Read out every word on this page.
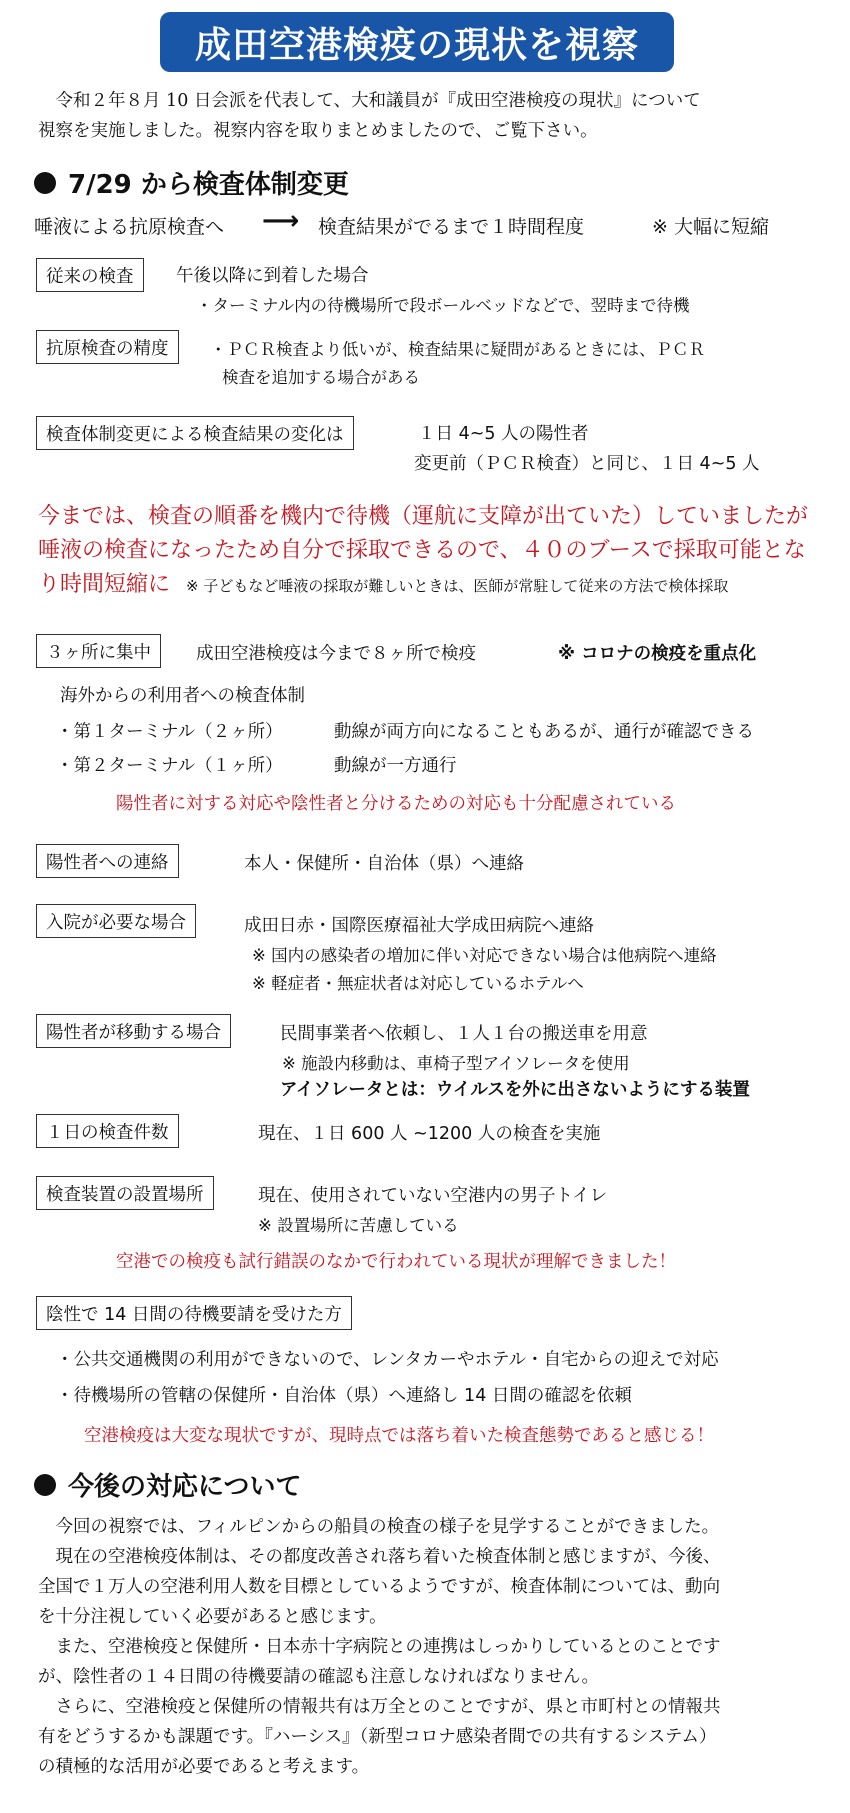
成田空港検疫の現状を視察
令和２年８月 10 日会派を代表して、大和議員が『成田空港検疫の現状』について
視察を実施しました。視察内容を取りまとめましたので、ご覧下さい。
7/29 から検査体制変更
唾液による抗原検査へ ⟶ 検査結果がでるまで１時間程度	※ 大幅に短縮
従来の検査	午後以降に到着した場合
・ターミナル内の待機場所で段ボールベッドなどで、翌時まで待機
抗原検査の精度	・ＰＣＲ検査より低いが、検査結果に疑問があるときには、ＰＣＲ
検査を追加する場合がある
検査体制変更による検査結果の変化は	１日 4~5 人の陽性者
変更前（ＰＣＲ検査）と同じ、１日 4~5 人
今までは、検査の順番を機内で待機（運航に支障が出ていた）していましたが
唾液の検査になったため自分で採取できるので、４０のブースで採取可能とな
り時間短縮に ※ 子どもなど唾液の採取が難しいときは、医師が常駐して従来の方法で検体採取
３ヶ所に集中	成田空港検疫は今まで８ヶ所で検疫	※ コロナの検疫を重点化
海外からの利用者への検査体制
・第１ターミナル（２ヶ所）	動線が両方向になることもあるが、通行が確認できる
・第２ターミナル（１ヶ所）	動線が一方通行
陽性者に対する対応や陰性者と分けるための対応も十分配慮されている
陽性者への連絡	本人・保健所・自治体（県）へ連絡
入院が必要な場合	成田日赤・国際医療福祉大学成田病院へ連絡
※ 国内の感染者の増加に伴い対応できない場合は他病院へ連絡
※ 軽症者・無症状者は対応しているホテルへ
陽性者が移動する場合	民間事業者へ依頼し、１人１台の搬送車を用意
※ 施設内移動は、車椅子型アイソレータを使用
アイソレータとは：ウイルスを外に出さないようにする装置
１日の検査件数	現在、１日 600 人 ~1200 人の検査を実施
検査装置の設置場所	現在、使用されていない空港内の男子トイレ
※ 設置場所に苦慮している
空港での検疫も試行錯誤のなかで行われている現状が理解できました！
陰性で 14 日間の待機要請を受けた方
・公共交通機関の利用ができないので、レンタカーやホテル・自宅からの迎えで対応
・待機場所の管轄の保健所・自治体（県）へ連絡し 14 日間の確認を依頼
空港検疫は大変な現状ですが、現時点では落ち着いた検査態勢であると感じる！
今後の対応について
今回の視察では、フィルピンからの船員の検査の様子を見学することができました。
現在の空港検疫体制は、その都度改善され落ち着いた検査体制と感じますが、今後、
全国で１万人の空港利用人数を目標としているようですが、検査体制については、動向
を十分注視していく必要があると感じます。
また、空港検疫と保健所・日本赤十字病院との連携はしっかりしているとのことです
が、陰性者の１４日間の待機要請の確認も注意しなければなりません。
さらに、空港検疫と保健所の情報共有は万全とのことですが、県と市町村との情報共
有をどうするかも課題です。『ハーシス』（新型コロナ感染者間での共有するシステム）
の積極的な活用が必要であると考えます。
